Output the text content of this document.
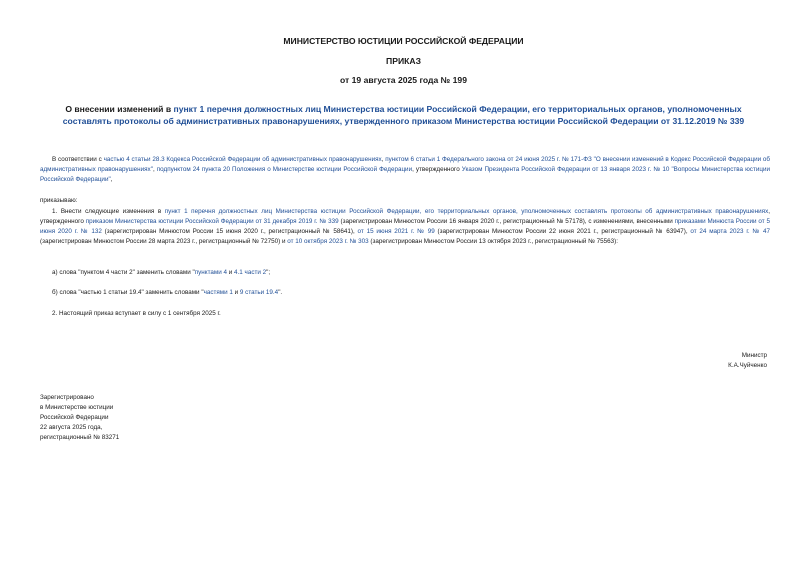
МИНИСТЕРСТВО ЮСТИЦИИ РОССИЙСКОЙ ФЕДЕРАЦИИ
ПРИКАЗ
от 19 августа 2025 года № 199
О внесении изменений в пункт 1 перечня должностных лиц Министерства юстиции Российской Федерации, его территориальных органов, уполномоченных составлять протоколы об административных правонарушениях, утвержденного приказом Министерства юстиции Российской Федерации от 31.12.2019 № 339

В соответствии с частью 4 статьи 28.3 Кодекса Российской Федерации об административных правонарушениях, пунктом 6 статьи 1 Федерального закона от 24 июня 2025 г. № 171-ФЗ "О внесении изменений в Кодекс Российской Федерации об административных правонарушениях", подпунктом 24 пункта 20 Положения о Министерстве юстиции Российской Федерации, утвержденного Указом Президента Российской Федерации от 13 января 2023 г. № 10 "Вопросы Министерства юстиции Российской Федерации",

приказываю:

1. Внести следующие изменения в пункт 1 перечня должностных лиц Министерства юстиции Российской Федерации, его территориальных органов, уполномоченных составлять протоколы об административных правонарушениях, утвержденного приказом Министерства юстиции Российской Федерации от 31 декабря 2019 г. № 339 (зарегистрирован Минюстом России 16 января 2020 г., регистрационный № 57178), с изменениями, внесенными приказами Минюста России от 5 июня 2020 г. № 132 (зарегистрирован Минюстом России 15 июня 2020 г., регистрационный № 58641), от 15 июня 2021 г. № 99 (зарегистрирован Минюстом России 22 июня 2021 г., регистрационный № 63947), от 24 марта 2023 г. № 47 (зарегистрирован Минюстом России 28 марта 2023 г., регистрационный № 72750) и от 10 октября 2023 г. № 303 (зарегистрирован Минюстом России 13 октября 2023 г., регистрационный № 75563):

а) слова "пунктом 4 части 2" заменить словами "пунктами 4 и 4.1 части 2";

б) слова "частью 1 статьи 19.4" заменить словами "частями 1 и 9 статьи 19.4".

2. Настоящий приказ вступает в силу с 1 сентября 2025 г.

Министр
К.А.Чуйченко
Зарегистрировано
в Министерстве юстиции
Российской Федерации
22 августа 2025 года,
регистрационный № 83271
